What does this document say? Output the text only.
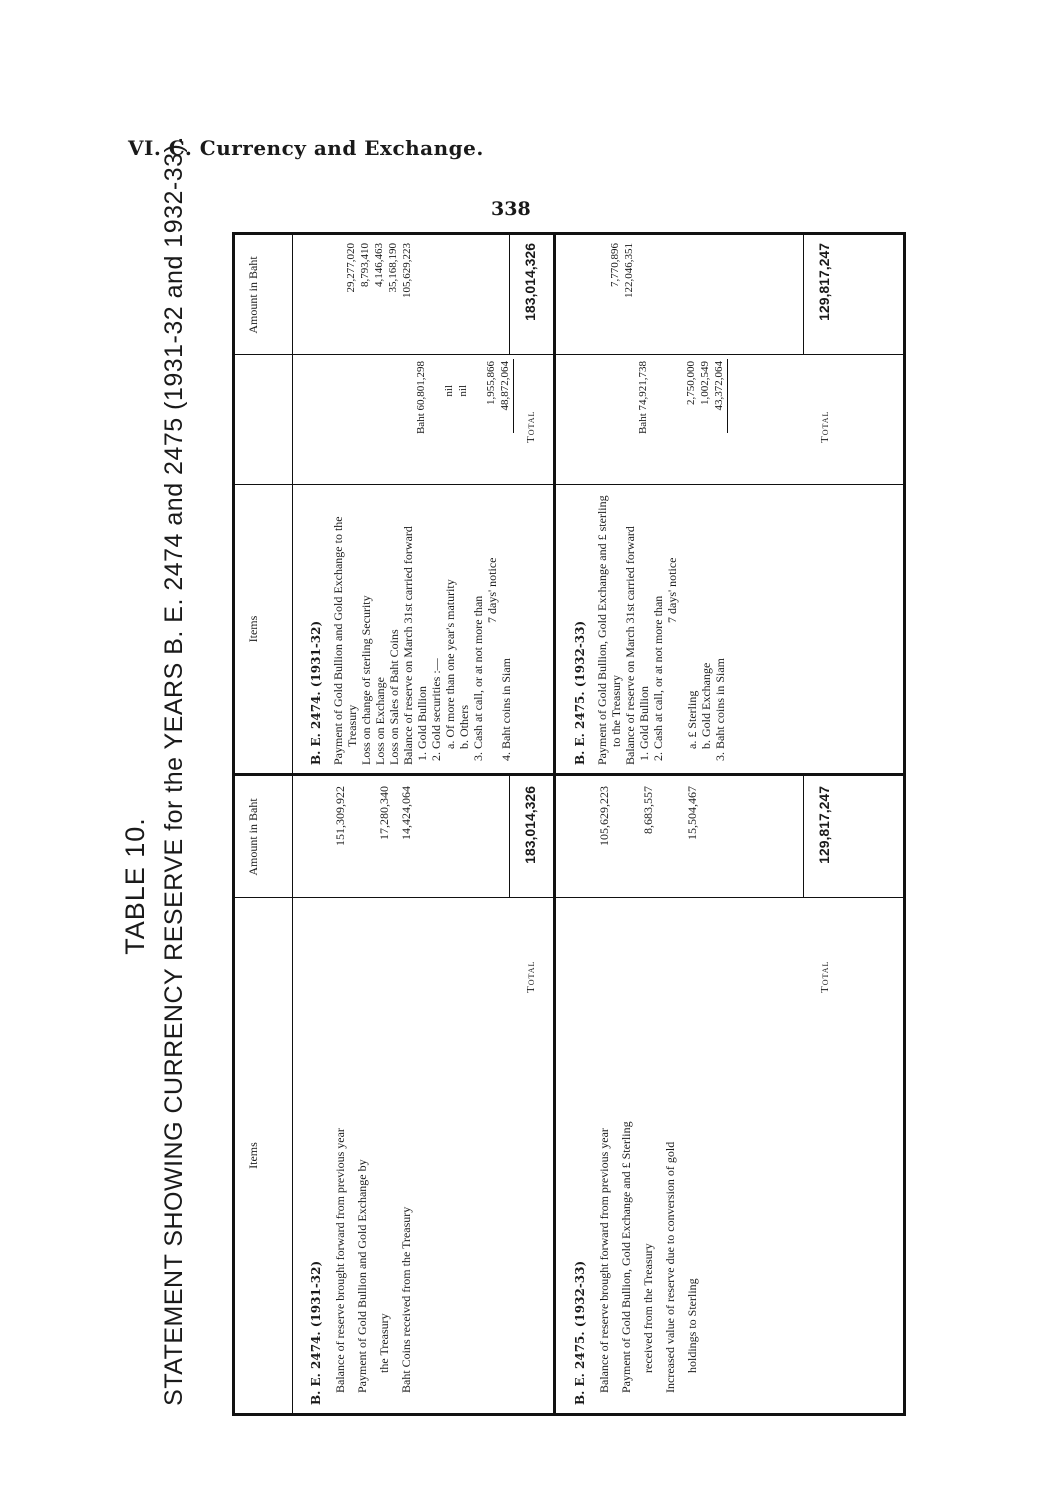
VI. C. Currency and Exchange.
338
TABLE 10. STATEMENT SHOWING CURRENCY RESERVE for the YEARS B. E. 2474 and 2475 (1931-32 and 1932-33).	Items
Amount in Baht
B. E. 2474. (1931-32) Balance of reserve brought forward from previous year
151,309,922
Payment of Gold Bullion and Gold Exchange by the Treasury
17,280,340
Baht Coins received from the Treasury
14,424,064
Total
183,014,326
B. E. 2475. (1932-33) Balance of reserve brought forward from previous year
105,629,223
Payment of Gold Bullion, Gold Exchange and £ Sterling received from the Treasury
8,683,557
Increased value of reserve due to conversion of gold holdings to Sterling
15,504,467
Total
129,817,247
Items
Amount in Baht
B. E. 2474. (1931-32) Payment of Gold Bullion and Gold Exchange to the Treasury Loss on change of sterling Security Loss on Exchange Loss on Sales of Baht Coins Balance of reserve on March 31st carried forward 1. Gold Bullion 2. Gold securities :— a. Of more than one year's maturity b. Others 3. Cash at call, or at not more than
7 days' notice
4. Baht coins in Siam
Baht 60,801,298 nil nil 1,955,866 48,872,064
29,277,020 8,793,410 4,146,463 35,168,190 105,629,223
Total
183,014,326
B. E. 2475. (1932-33) Payment of Gold Bullion, Gold Exchange and £ sterling to the Treasury Balance of reserve on March 31st carried forward 1. Gold Bullion 2. Cash at call, or at not more than
7 days' notice
a. £ Sterling b. Gold Exchange 3. Baht coins in Siam
Baht 74,921,738	2,750,000 1,002,549 43,372,064
7,770,896 122,046,351
Total
129,817,247
